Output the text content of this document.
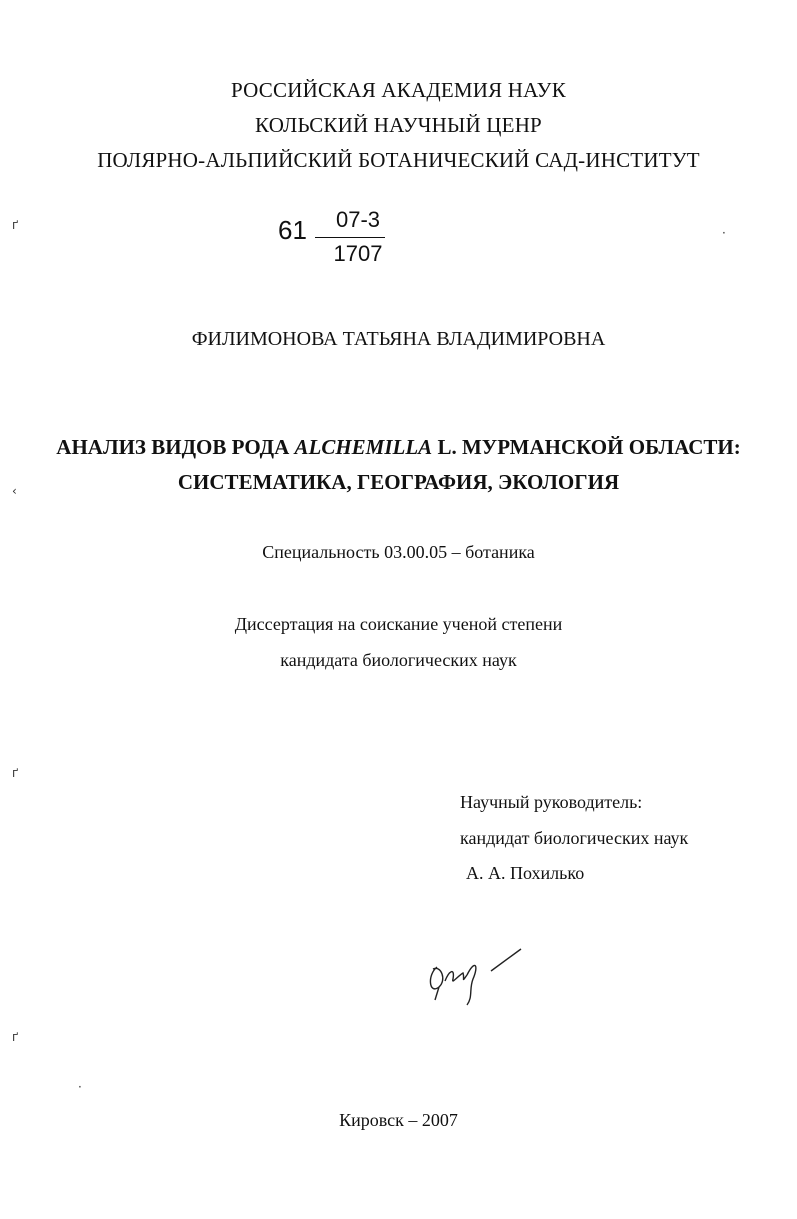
РОССИЙСКАЯ АКАДЕМИЯ НАУК
КОЛЬСКИЙ НАУЧНЫЙ ЦЕНР
ПОЛЯРНО-АЛЬПИЙСКИЙ БОТАНИЧЕСКИЙ САД-ИНСТИТУТ
61	07-3
1707
ФИЛИМОНОВА ТАТЬЯНА ВЛАДИМИРОВНА
АНАЛИЗ ВИДОВ РОДА ALCHEMILLA L. МУРМАНСКОЙ ОБЛАСТИ:
СИСТЕМАТИКА, ГЕОГРАФИЯ, ЭКОЛОГИЯ
Специальность 03.00.05 – ботаника
Диссертация на соискание ученой степени
кандидата биологических наук
Научный руководитель:
кандидат биологических наук
А. А. Похилько
Кировск – 2007
ґ
‹
ґ
ґ
·
·
